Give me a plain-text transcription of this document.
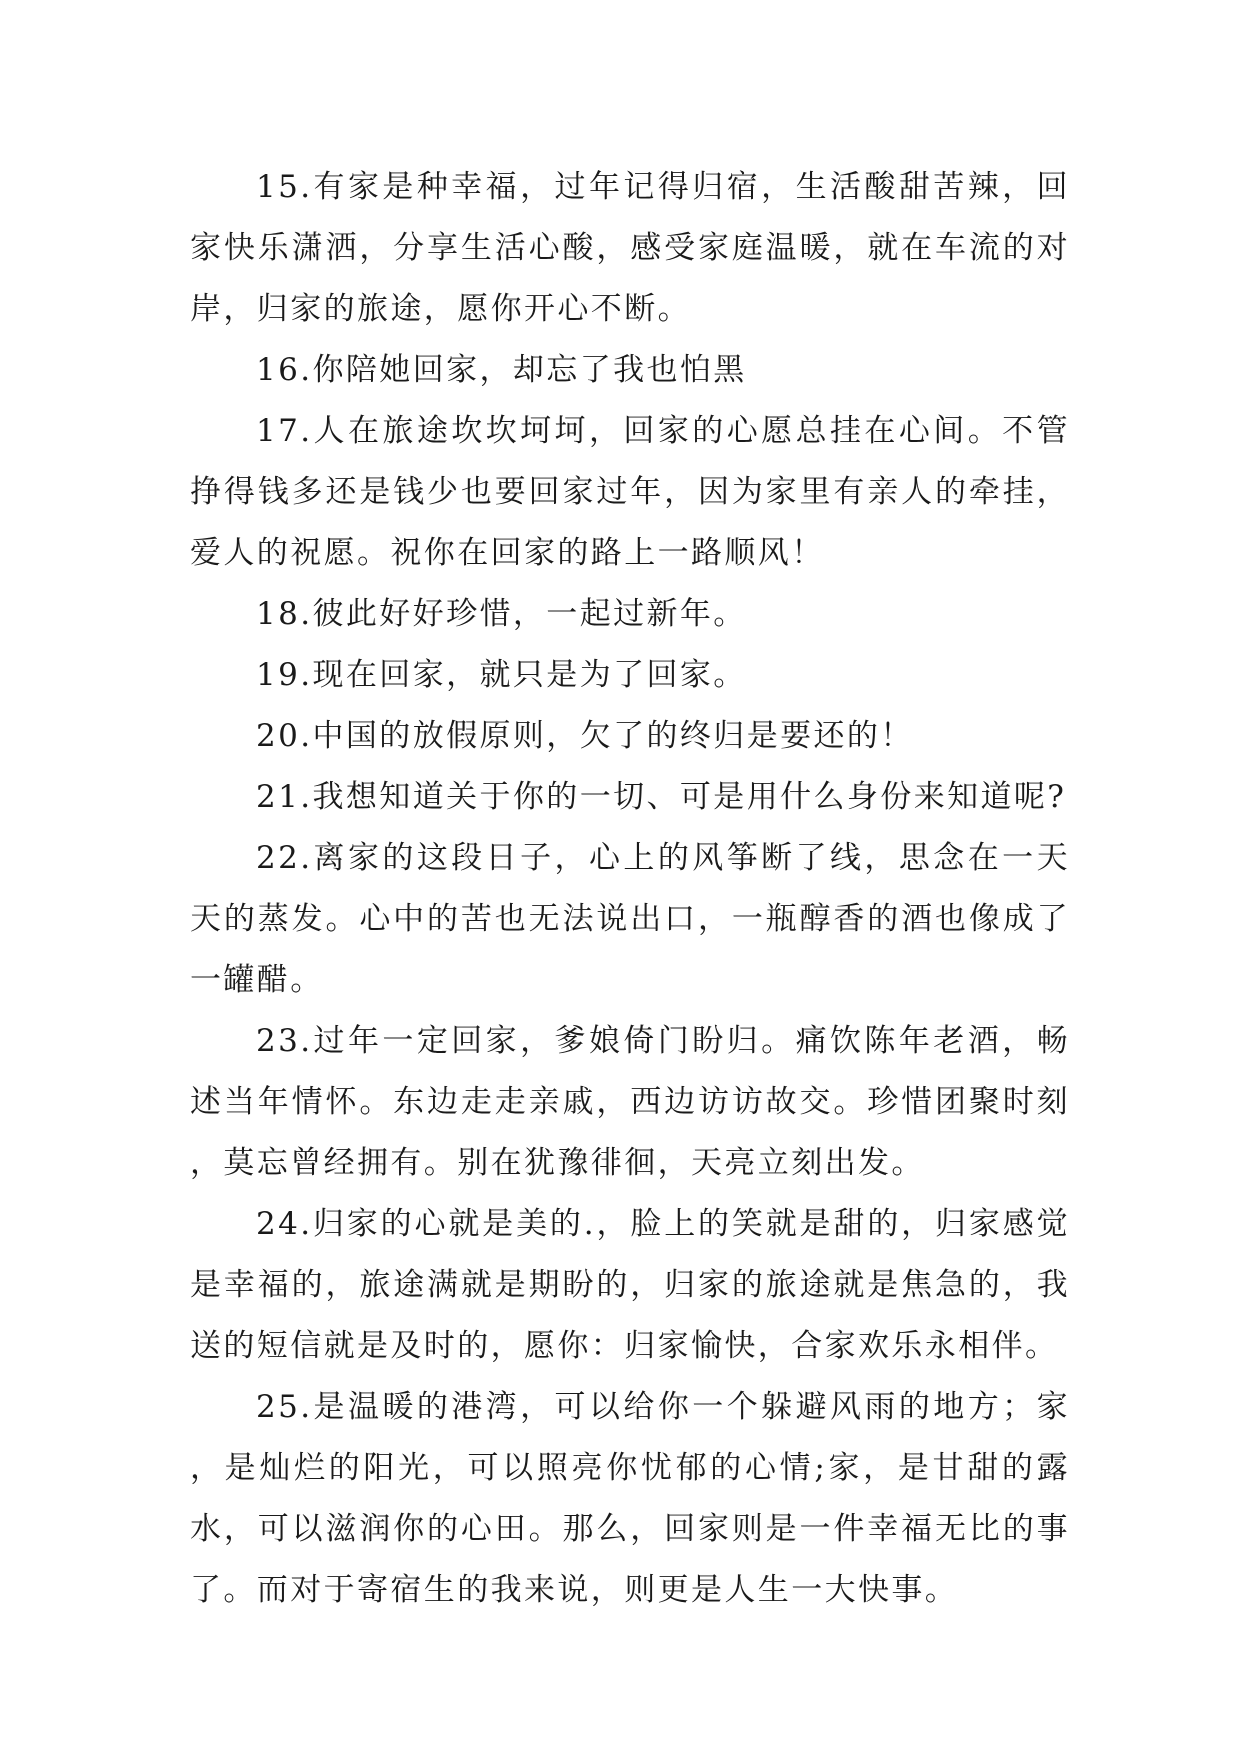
15.有家是种幸福，过年记得归宿，生活酸甜苦辣，回家快乐潇洒，分享生活心酸，感受家庭温暖，就在车流的对岸，归家的旅途，愿你开心不断。

16.你陪她回家，却忘了我也怕黑

17.人在旅途坎坎坷坷，回家的心愿总挂在心间。不管挣得钱多还是钱少也要回家过年，因为家里有亲人的牵挂，爱人的祝愿。祝你在回家的路上一路顺风！

18.彼此好好珍惜，一起过新年。

19.现在回家，就只是为了回家。

20.中国的放假原则，欠了的终归是要还的！

21.我想知道关于你的一切、可是用什么身份来知道呢?

22.离家的这段日子，心上的风筝断了线，思念在一天天的蒸发。心中的苦也无法说出口，一瓶醇香的酒也像成了一罐醋。

23.过年一定回家，爹娘倚门盼归。痛饮陈年老酒，畅述当年情怀。东边走走亲戚，西边访访故交。珍惜团聚时刻，莫忘曾经拥有。别在犹豫徘徊，天亮立刻出发。

24.归家的心就是美的.，脸上的笑就是甜的，归家感觉是幸福的，旅途满就是期盼的，归家的旅途就是焦急的，我送的短信就是及时的，愿你：归家愉快，合家欢乐永相伴。

25.是温暖的港湾，可以给你一个躲避风雨的地方；家，是灿烂的阳光，可以照亮你忧郁的心情;家，是甘甜的露水，可以滋润你的心田。那么，回家则是一件幸福无比的事了。而对于寄宿生的我来说，则更是人生一大快事。
